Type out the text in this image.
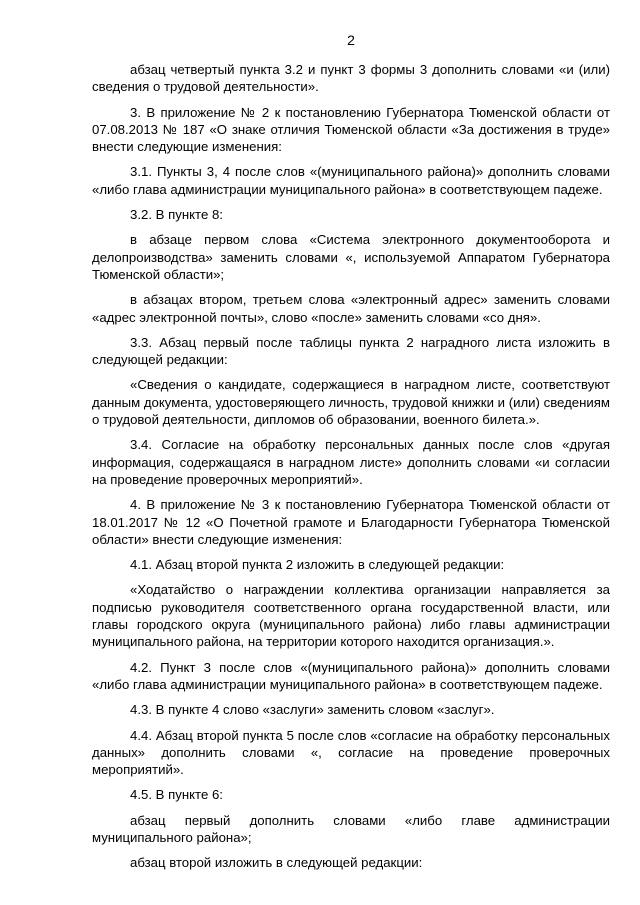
2

абзац четвертый пункта 3.2 и пункт 3 формы 3 дополнить словами «и (или) сведения о трудовой деятельности».

3. В приложение № 2 к постановлению Губернатора Тюменской области от 07.08.2013 № 187 «О знаке отличия Тюменской области «За достижения в труде» внести следующие изменения:

3.1. Пункты 3, 4 после слов «(муниципального района)» дополнить словами «либо глава администрации муниципального района» в соответствующем падеже.

3.2. В пункте 8:

в абзаце первом слова «Система электронного документооборота и делопроизводства» заменить словами «, используемой Аппаратом Губернатора Тюменской области»;

в абзацах втором, третьем слова «электронный адрес» заменить словами «адрес электронной почты», слово «после» заменить словами «со дня».

3.3. Абзац первый после таблицы пункта 2 наградного листа изложить в следующей редакции:

«Сведения о кандидате, содержащиеся в наградном листе, соответствуют данным документа, удостоверяющего личность, трудовой книжки и (или) сведениям о трудовой деятельности, дипломов об образовании, военного билета.».

3.4. Согласие на обработку персональных данных после слов «другая информация, содержащаяся в наградном листе» дополнить словами «и согласии на проведение проверочных мероприятий».

4. В приложение № 3 к постановлению Губернатора Тюменской области от 18.01.2017 № 12 «О Почетной грамоте и Благодарности Губернатора Тюменской области» внести следующие изменения:

4.1. Абзац второй пункта 2 изложить в следующей редакции:

«Ходатайство о награждении коллектива организации направляется за подписью руководителя соответственного органа государственной власти, или главы городского округа (муниципального района) либо главы администрации муниципального района, на территории которого находится организация.».

4.2. Пункт 3 после слов «(муниципального района)» дополнить словами «либо глава администрации муниципального района» в соответствующем падеже.

4.3. В пункте 4 слово «заслуги» заменить словом «заслуг».

4.4. Абзац второй пункта 5 после слов «согласие на обработку персональных данных» дополнить словами «, согласие на проведение проверочных мероприятий».

4.5. В пункте 6:

абзац первый дополнить словами «либо главе администрации муниципального района»;

абзац второй изложить в следующей редакции:
